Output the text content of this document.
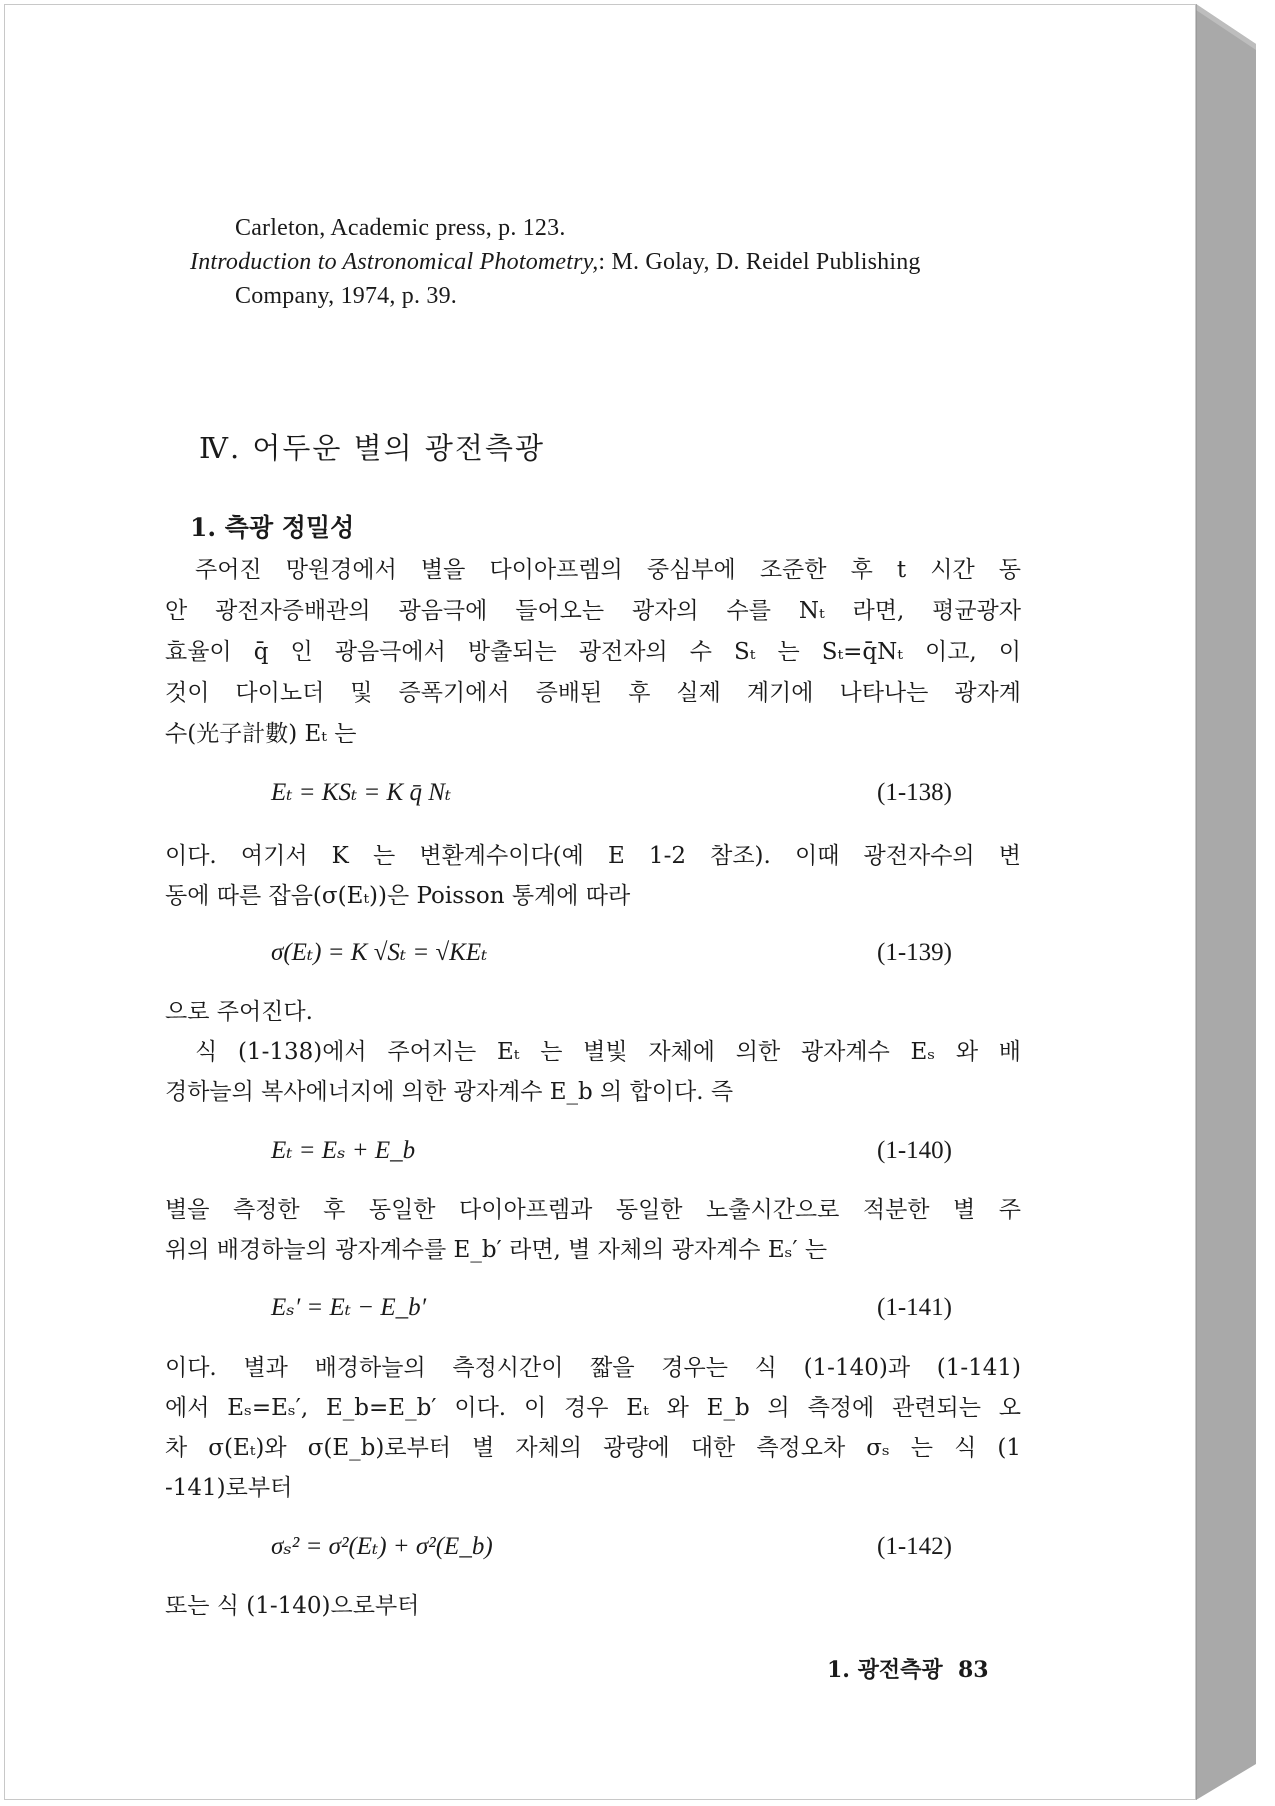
Carleton, Academic press, p. 123.
Introduction to Astronomical Photometry,: M. Golay, D. Reidel Publishing
Company, 1974, p. 39.
Ⅳ. 어두운 별의 광전측광
1. 측광 정밀성
주어진 망원경에서 별을 다이아프렘의 중심부에 조준한 후 t 시간 동
안 광전자증배관의 광음극에 들어오는 광자의 수를 Nₜ 라면, 평균광자
효율이 q̄ 인 광음극에서 방출되는 광전자의 수 Sₜ 는 Sₜ=q̄Nₜ 이고, 이
것이 다이노더 및 증폭기에서 증배된 후 실제 계기에 나타나는 광자계
수(光子計數) Eₜ 는
Eₜ = KSₜ = K q̄ Nₜ	(1-138)
이다. 여기서 K 는 변환계수이다(예 E 1-2 참조). 이때 광전자수의 변
동에 따른 잡음(σ(Eₜ))은 Poisson 통계에 따라
σ(Eₜ) = K √Sₜ = √KEₜ	(1-139)
으로 주어진다.
식 (1-138)에서 주어지는 Eₜ 는 별빛 자체에 의한 광자계수 Eₛ 와 배
경하늘의 복사에너지에 의한 광자계수 E_b 의 합이다. 즉
Eₜ = Eₛ + E_b	(1-140)
별을 측정한 후 동일한 다이아프렘과 동일한 노출시간으로 적분한 별 주
위의 배경하늘의 광자계수를 E_b′ 라면, 별 자체의 광자계수 Eₛ′ 는
Eₛ′ = Eₜ − E_b′	(1-141)
이다. 별과 배경하늘의 측정시간이 짧을 경우는 식 (1-140)과 (1-141)
에서 Eₛ=Eₛ′, E_b=E_b′ 이다. 이 경우 Eₜ 와 E_b 의 측정에 관련되는 오
차 σ(Eₜ)와 σ(E_b)로부터 별 자체의 광량에 대한 측정오차 σₛ 는 식 (1
-141)로부터
σₛ² = σ²(Eₜ) + σ²(E_b)	(1-142)
또는 식 (1-140)으로부터
1. 광전측광 83
